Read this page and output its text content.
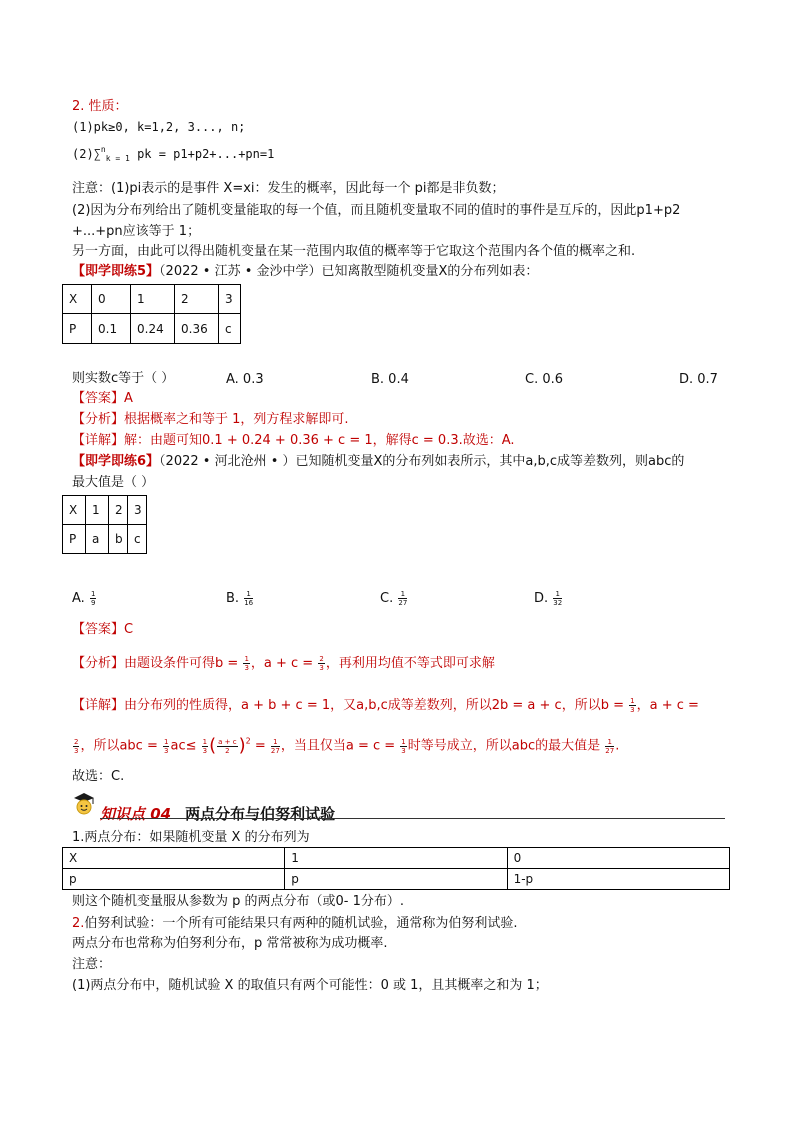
2. 性质：
(1)pk≥0, k=1,2, 3..., n;
(2)∑$^n_{k = 1}$ pk = p1+p2+...+pn=1
注意：(1)pi表示的是事件 X=xi：发生的概率，因此每一个 pi都是非负数；
(2)因为分布列给出了随机变量能取的每一个值，而且随机变量取不同的值时的事件是互斥的，因此p1+p2
+...+pn应该等于 1；
另一方面，由此可以得出随机变量在某一范围内取值的概率等于它取这个范围内各个值的概率之和.
【即学即练5】（2022 • 江苏 • 金沙中学）已知离散型随机变量X的分布列如表：
X	0	1	2	3
P	0.1	0.24	0.36	c
则实数c等于（ ）	A. 0.3	B. 0.4	C. 0.6	D. 0.7
【答案】A
【分析】根据概率之和等于 1，列方程求解即可.
【详解】解：由题可知0.1 + 0.24 + 0.36 + c = 1，解得c = 0.3.故选：A.
【即学即练6】（2022 • 河北沧州 • ）已知随机变量X的分布列如表所示，其中a,b,c成等差数列，则abc的
最大值是（ ）
X	1	2	3
P	a	b	c
A. $\frac{1}{9}$	B. $\frac{1}{16}$	C. $\frac{1}{27}$	D. $\frac{1}{32}$
【答案】C
【分析】由题设条件可得$b = \frac{1}{3}$ ，$a + c = \frac{2}{3}$ ，再利用均值不等式即可求解
【详解】由分布列的性质得，a + b + c = 1，又a,b,c成等差数列，所以2b = a + c，所以$b = \frac{1}{3}$ ，a + c =
$\frac{2}{3}$ ，所以abc = $\frac{1}{3} ac\le \frac{1}{3}$ ( $\frac{a + c}{2} )^2 = \frac{1}{27}$ ，当且仅当$a = c = \frac{1}{3}$ 时等号成立，所以abc的最大值是 $\frac{1}{27}$ .
故选：C.
知识点 04 两点分布与伯努利试验
1.两点分布：如果随机变量 X 的分布列为
X	1	0
p	p	1-p
则这个随机变量服从参数为 p 的两点分布（或0- 1分布）.
2.伯努利试验：一个所有可能结果只有两种的随机试验，通常称为伯努利试验.
两点分布也常称为伯努利分布，p 常常被称为成功概率.
注意：
(1)两点分布中，随机试验 X 的取值只有两个可能性：0 或 1，且其概率之和为 1；
